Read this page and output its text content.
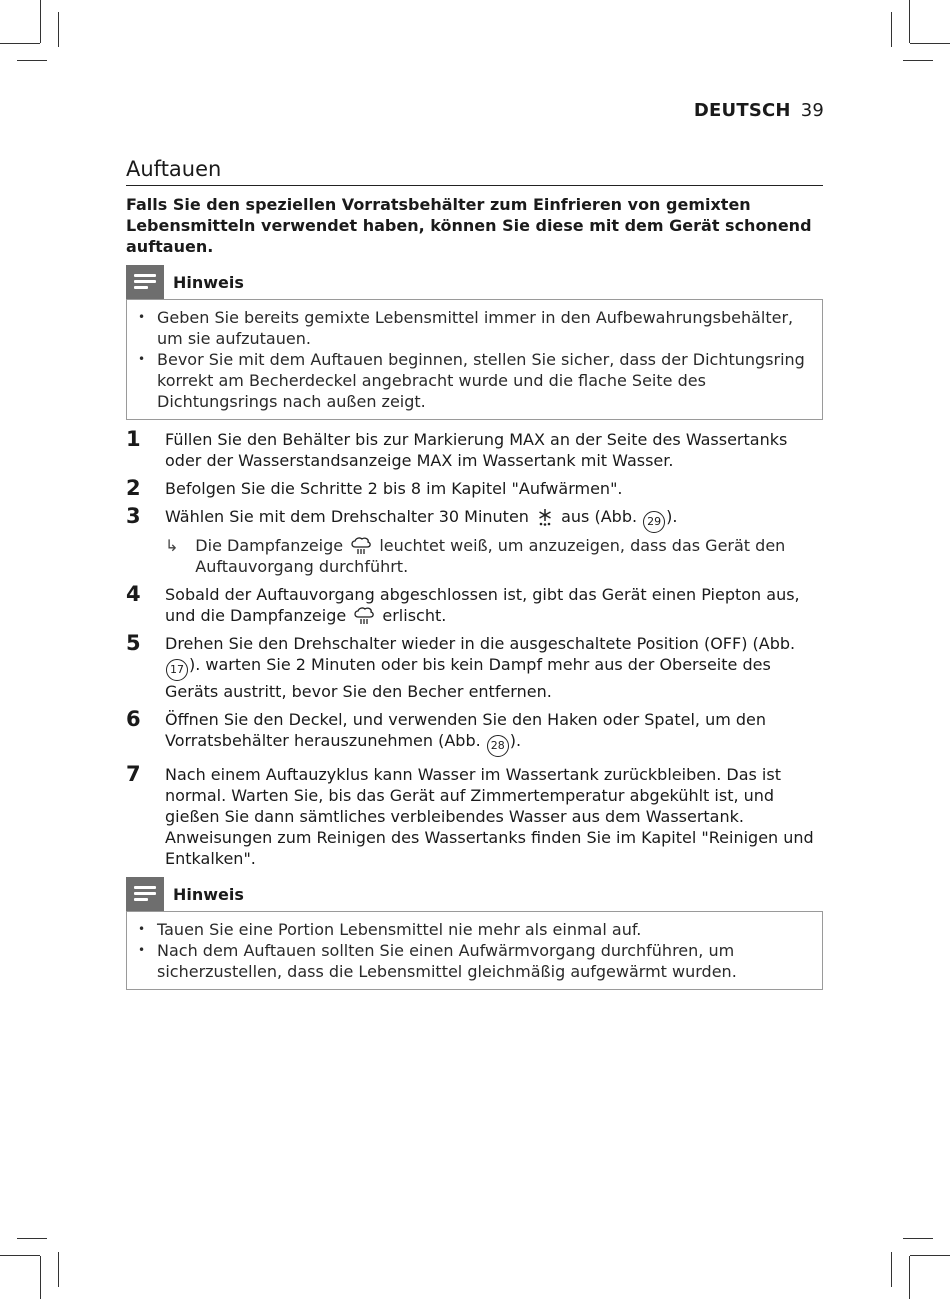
DEUTSCH 39
Auftauen

Falls Sie den speziellen Vorratsbehälter zum Einfrieren von gemixten Lebensmitteln verwendet haben, können Sie diese mit dem Gerät schonend auftauen.

Hinweis
• Geben Sie bereits gemixte Lebensmittel immer in den Aufbewahrungsbehälter, um sie aufzutauen.
• Bevor Sie mit dem Auftauen beginnen, stellen Sie sicher, dass der Dichtungsring korrekt am Becherdeckel angebracht wurde und die flache Seite des Dichtungsrings nach außen zeigt.
1	Füllen Sie den Behälter bis zur Markierung MAX an der Seite des Wassertanks oder der Wasserstandsanzeige MAX im Wassertank mit Wasser.
2	Befolgen Sie die Schritte 2 bis 8 im Kapitel "Aufwärmen".
3	Wählen Sie mit dem Drehschalter 30 Minuten aus (Abb. 29 ).
↳	Die Dampfanzeige leuchtet weiß, um anzuzeigen, dass das Gerät den Auftauvorgang durchführt.
4	Sobald der Auftauvorgang abgeschlossen ist, gibt das Gerät einen Piepton aus, und die Dampfanzeige erlischt.
5	Drehen Sie den Drehschalter wieder in die ausgeschaltete Position (OFF) (Abb. 17 ). warten Sie 2 Minuten oder bis kein Dampf mehr aus der Oberseite des Geräts austritt, bevor Sie den Becher entfernen.
6	Öffnen Sie den Deckel, und verwenden Sie den Haken oder Spatel, um den Vorratsbehälter herauszunehmen (Abb. 28 ).
7	Nach einem Auftauzyklus kann Wasser im Wassertank zurückbleiben. Das ist normal. Warten Sie, bis das Gerät auf Zimmertemperatur abgekühlt ist, und gießen Sie dann sämtliches verbleibendes Wasser aus dem Wassertank. Anweisungen zum Reinigen des Wassertanks finden Sie im Kapitel "Reinigen und Entkalken".
Hinweis
• Tauen Sie eine Portion Lebensmittel nie mehr als einmal auf.
• Nach dem Auftauen sollten Sie einen Aufwärmvorgang durchführen, um sicherzustellen, dass die Lebensmittel gleichmäßig aufgewärmt wurden.
